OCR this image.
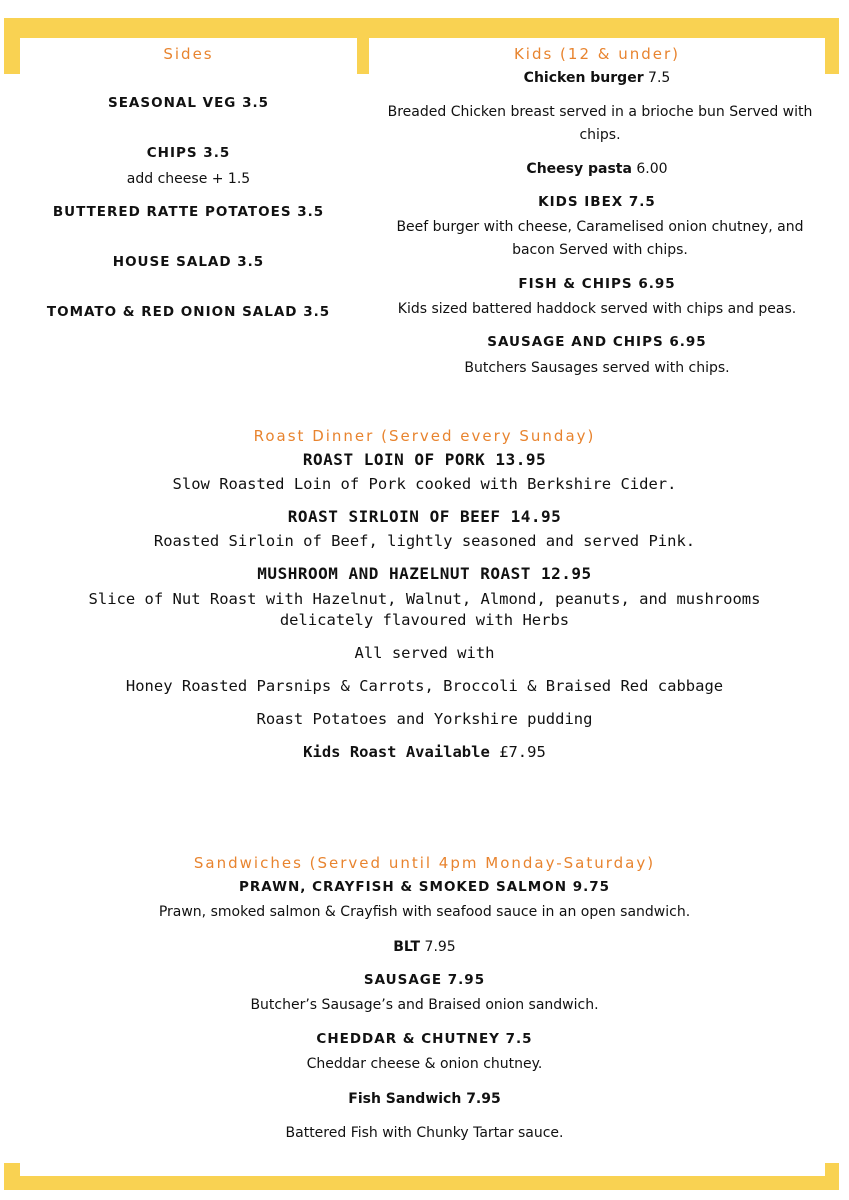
Sides
SEASONAL VEG 3.5
CHIPS 3.5
add cheese + 1.5
BUTTERED RATTE POTATOES 3.5
HOUSE SALAD 3.5
TOMATO & RED ONION SALAD 3.5
Kids (12 & under)
Chicken burger 7.5
Breaded Chicken breast served in a brioche bun Served with chips.
Cheesy pasta 6.00
KIDS IBEX 7.5
Beef burger with cheese, Caramelised onion chutney, and bacon Served with chips.
FISH & CHIPS 6.95
Kids sized battered haddock served with chips and peas.
SAUSAGE AND CHIPS 6.95
Butchers Sausages served with chips.
Roast Dinner (Served every Sunday)
ROAST LOIN OF PORK 13.95
Slow Roasted Loin of Pork cooked with Berkshire Cider.
ROAST SIRLOIN OF BEEF 14.95
Roasted Sirloin of Beef, lightly seasoned and served Pink.
MUSHROOM AND HAZELNUT ROAST 12.95
Slice of Nut Roast with Hazelnut, Walnut, Almond, peanuts, and mushrooms
delicately flavoured with Herbs
All served with
Honey Roasted Parsnips & Carrots, Broccoli & Braised Red cabbage
Roast Potatoes and Yorkshire pudding
Kids Roast Available £7.95
Sandwiches (Served until 4pm Monday-Saturday)
PRAWN, CRAYFISH & SMOKED SALMON 9.75
Prawn, smoked salmon & Crayfish with seafood sauce in an open sandwich.
BLT 7.95
SAUSAGE 7.95
Butcher’s Sausage’s and Braised onion sandwich.
CHEDDAR & CHUTNEY 7.5
Cheddar cheese & onion chutney.
Fish Sandwich 7.95
Battered Fish with Chunky Tartar sauce.
